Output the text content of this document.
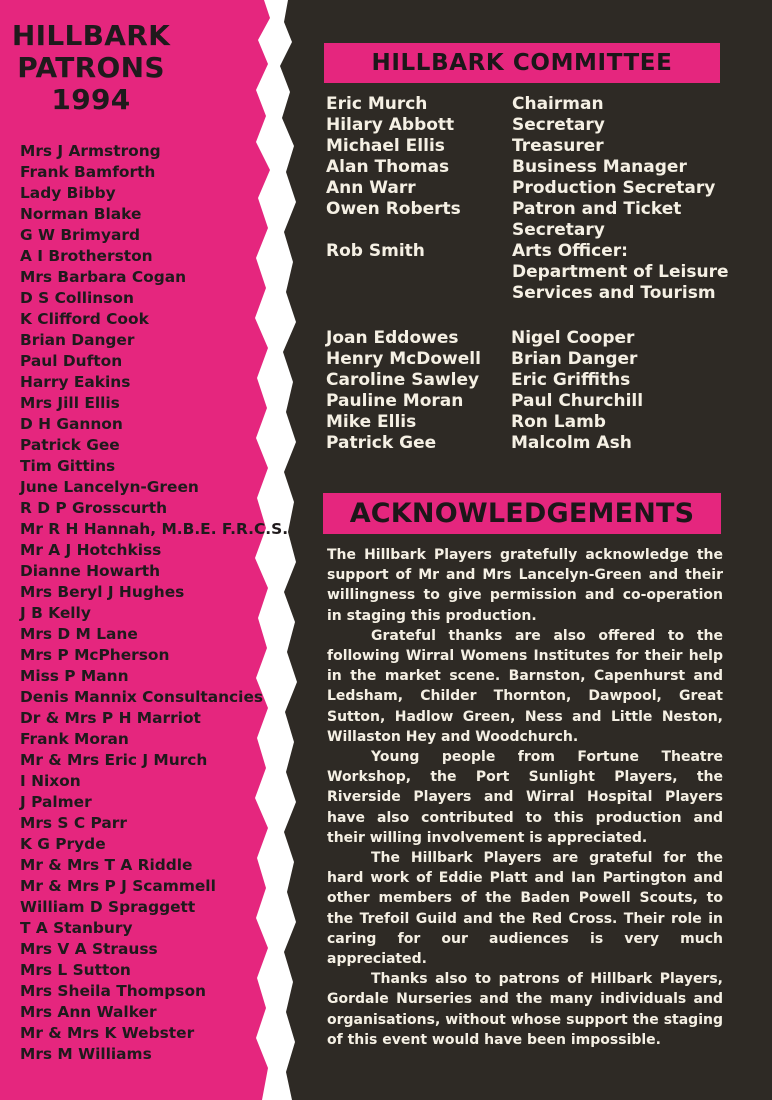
HILLBARK
PATRONS
1994
Mrs J Armstrong
Frank Bamforth
Lady Bibby
Norman Blake
G W Brimyard
A I Brotherston
Mrs Barbara Cogan
D S Collinson
K Clifford Cook
Brian Danger
Paul Dufton
Harry Eakins
Mrs Jill Ellis
D H Gannon
Patrick Gee
Tim Gittins
June Lancelyn-Green
R D P Grosscurth
Mr R H Hannah, M.B.E. F.R.C.S.
Mr A J Hotchkiss
Dianne Howarth
Mrs Beryl J Hughes
J B Kelly
Mrs D M Lane
Mrs P McPherson
Miss P Mann
Denis Mannix Consultancies
Dr & Mrs P H Marriot
Frank Moran
Mr & Mrs Eric J Murch
I Nixon
J Palmer
Mrs S C Parr
K G Pryde
Mr & Mrs T A Riddle
Mr & Mrs P J Scammell
William D Spraggett
T A Stanbury
Mrs V A Strauss
Mrs L Sutton
Mrs Sheila Thompson
Mrs Ann Walker
Mr & Mrs K Webster
Mrs M Williams
HILLBARK COMMITTEE
Eric Murch
Hilary Abbott
Michael Ellis
Alan Thomas
Ann Warr
Owen Roberts
Rob Smith
Chairman
Secretary
Treasurer
Business Manager
Production Secretary
Patron and Ticket
Secretary
Arts Officer:
Department of Leisure
Services and Tourism
Joan Eddowes
Henry McDowell
Caroline Sawley
Pauline Moran
Mike Ellis
Patrick Gee
Nigel Cooper
Brian Danger
Eric Griffiths
Paul Churchill
Ron Lamb
Malcolm Ash
ACKNOWLEDGEMENTS

The Hillbark Players gratefully acknowledge the support of Mr and Mrs Lancelyn-Green and their willingness to give permission and co-operation in staging this production.

Grateful thanks are also offered to the following Wirral Womens Institutes for their help in the market scene. Barnston, Capenhurst and Ledsham, Childer Thornton, Dawpool, Great Sutton, Hadlow Green, Ness and Little Neston, Willaston Hey and Woodchurch.

Young people from Fortune Theatre Workshop, the Port Sunlight Players, the Riverside Players and Wirral Hospital Players have also contributed to this production and their willing involvement is appreciated.

The Hillbark Players are grateful for the hard work of Eddie Platt and Ian Partington and other members of the Baden Powell Scouts, to the Trefoil Guild and the Red Cross. Their role in caring for our audiences is very much appreciated.

Thanks also to patrons of Hillbark Players, Gordale Nurseries and the many individuals and organisations, without whose support the staging of this event would have been impossible.
